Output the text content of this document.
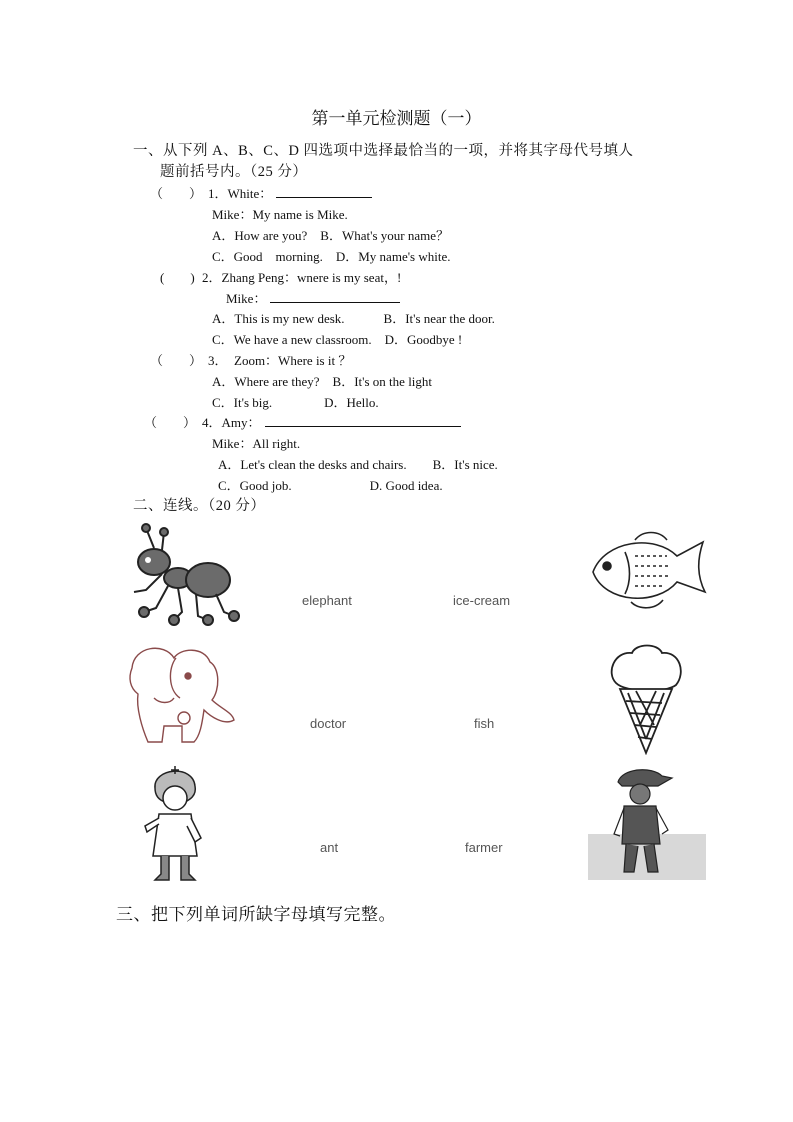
第一单元检测题（一）
一、从下列 A、B、C、D 四选项中选择最恰当的一项，并将其字母代号填人
题前括号内。（25 分）
（　　） 1．White：
Mike：My name is Mike.
A．How are you?　B．What's your name？
C．Good　morning.　D．My name's white.
(　　) 2．Zhang Peng：wnere is my seat，!
Mike：
A．This is my new desk.　　　B．It's near the door.
C．We have a new classroom.　D．Goodbye !
（　　） 3．　Zoom：Where is it ？
A．Where are they?　B．It's on the light
C．It's big.　　　　D．Hello.
（　　） 4．Amy：
Mike：All right.
A．Let's clean the desks and chairs.　　B．It's nice.
C．Good job.　　　　　　D. Good idea.
二、连线。（20 分）
elephant	ice-cream
doctor	fish
ant	farmer
三、把下列单词所缺字母填写完整。
